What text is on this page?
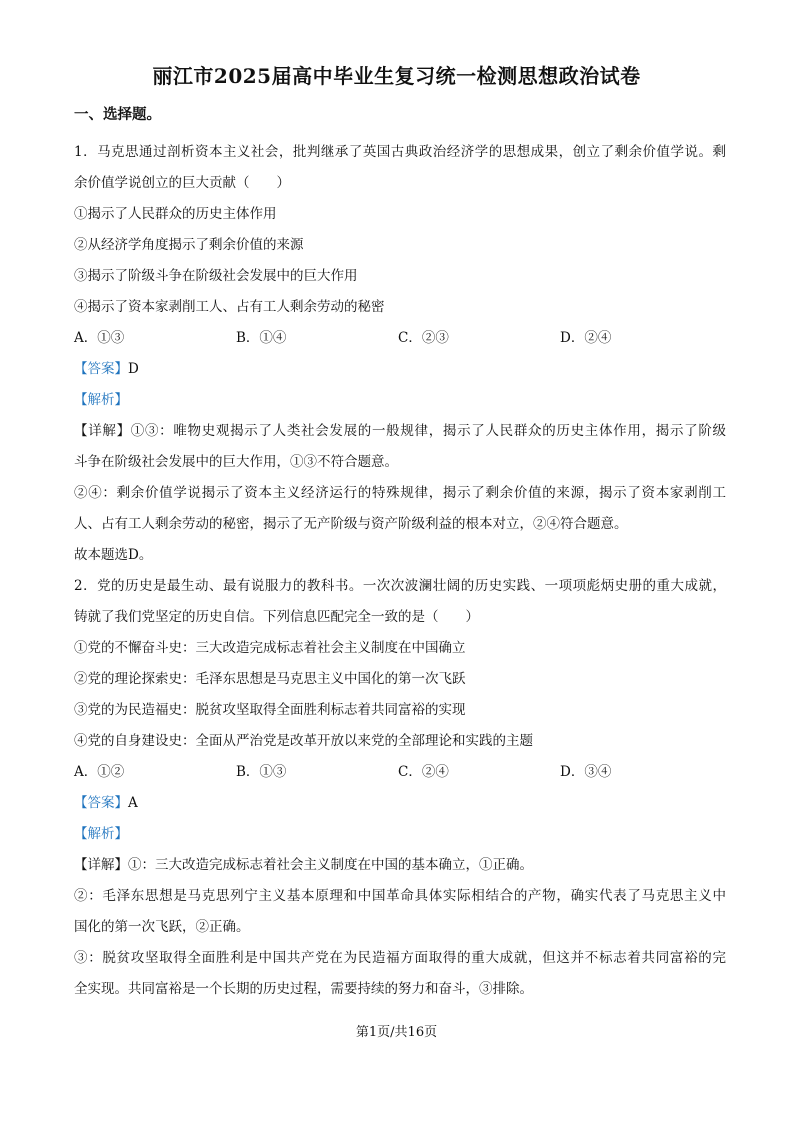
丽江市2025届高中毕业生复习统一检测思想政治试卷
一、选择题。

1．马克思通过剖析资本主义社会，批判继承了英国古典政治经济学的思想成果，创立了剩余价值学说。剩

余价值学说创立的巨大贡献（　　）

①揭示了人民群众的历史主体作用

②从经济学角度揭示了剩余价值的来源

③揭示了阶级斗争在阶级社会发展中的巨大作用

④揭示了资本家剥削工人、占有工人剩余劳动的秘密

A．①③	B．①④	C．②③	D．②④

【答案】D

【解析】

【详解】①③：唯物史观揭示了人类社会发展的一般规律，揭示了人民群众的历史主体作用，揭示了阶级

斗争在阶级社会发展中的巨大作用，①③不符合题意。

②④：剩余价值学说揭示了资本主义经济运行的特殊规律，揭示了剩余价值的来源，揭示了资本家剥削工

人、占有工人剩余劳动的秘密，揭示了无产阶级与资产阶级利益的根本对立，②④符合题意。

故本题选D。

2．党的历史是最生动、最有说服力的教科书。一次次波澜壮阔的历史实践、一项项彪炳史册的重大成就，

铸就了我们党坚定的历史自信。下列信息匹配完全一致的是（　　）

①党的不懈奋斗史：三大改造完成标志着社会主义制度在中国确立

②党的理论探索史：毛泽东思想是马克思主义中国化的第一次飞跃

③党的为民造福史：脱贫攻坚取得全面胜利标志着共同富裕的实现

④党的自身建设史：全面从严治党是改革开放以来党的全部理论和实践的主题

A．①②	B．①③	C．②④	D．③④

【答案】A

【解析】

【详解】①：三大改造完成标志着社会主义制度在中国的基本确立，①正确。

②：毛泽东思想是马克思列宁主义基本原理和中国革命具体实际相结合的产物，确实代表了马克思主义中

国化的第一次飞跃，②正确。

③：脱贫攻坚取得全面胜利是中国共产党在为民造福方面取得的重大成就，但这并不标志着共同富裕的完

全实现。共同富裕是一个长期的历史过程，需要持续的努力和奋斗，③排除。

第1页/共16页
